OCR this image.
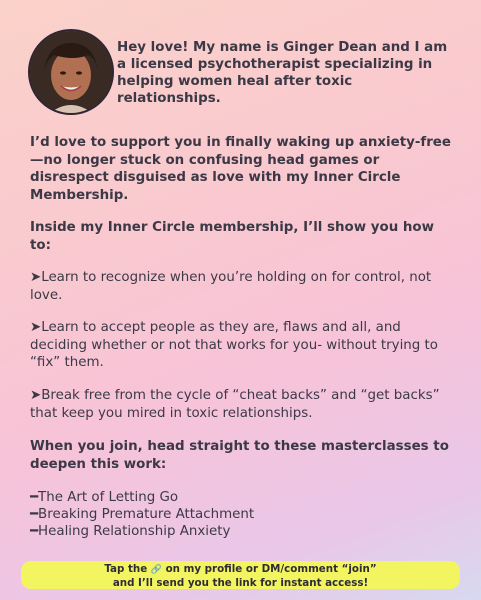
Hey love! My name is Ginger Dean and I am a licensed psychotherapist specializing in helping women heal after toxic relationships.

I’d love to support you in finally waking up anxiety-free—no longer stuck on confusing head games or disrespect disguised as love with my Inner Circle Membership.

Inside my Inner Circle membership, I’ll show you how to:

➤Learn to recognize when you’re holding on for control, not love.

➤Learn to accept people as they are, flaws and all, and deciding whether or not that works for you- without trying to “fix” them.

➤Break free from the cycle of “cheat backs” and “get backs” that keep you mired in toxic relationships.

When you join, head straight to these masterclasses to deepen this work:

━The Art of Letting Go

━Breaking Premature Attachment

━Healing Relationship Anxiety

Tap the 🔗 on my profile or DM/comment “join”
and I’ll send you the link for instant access!
